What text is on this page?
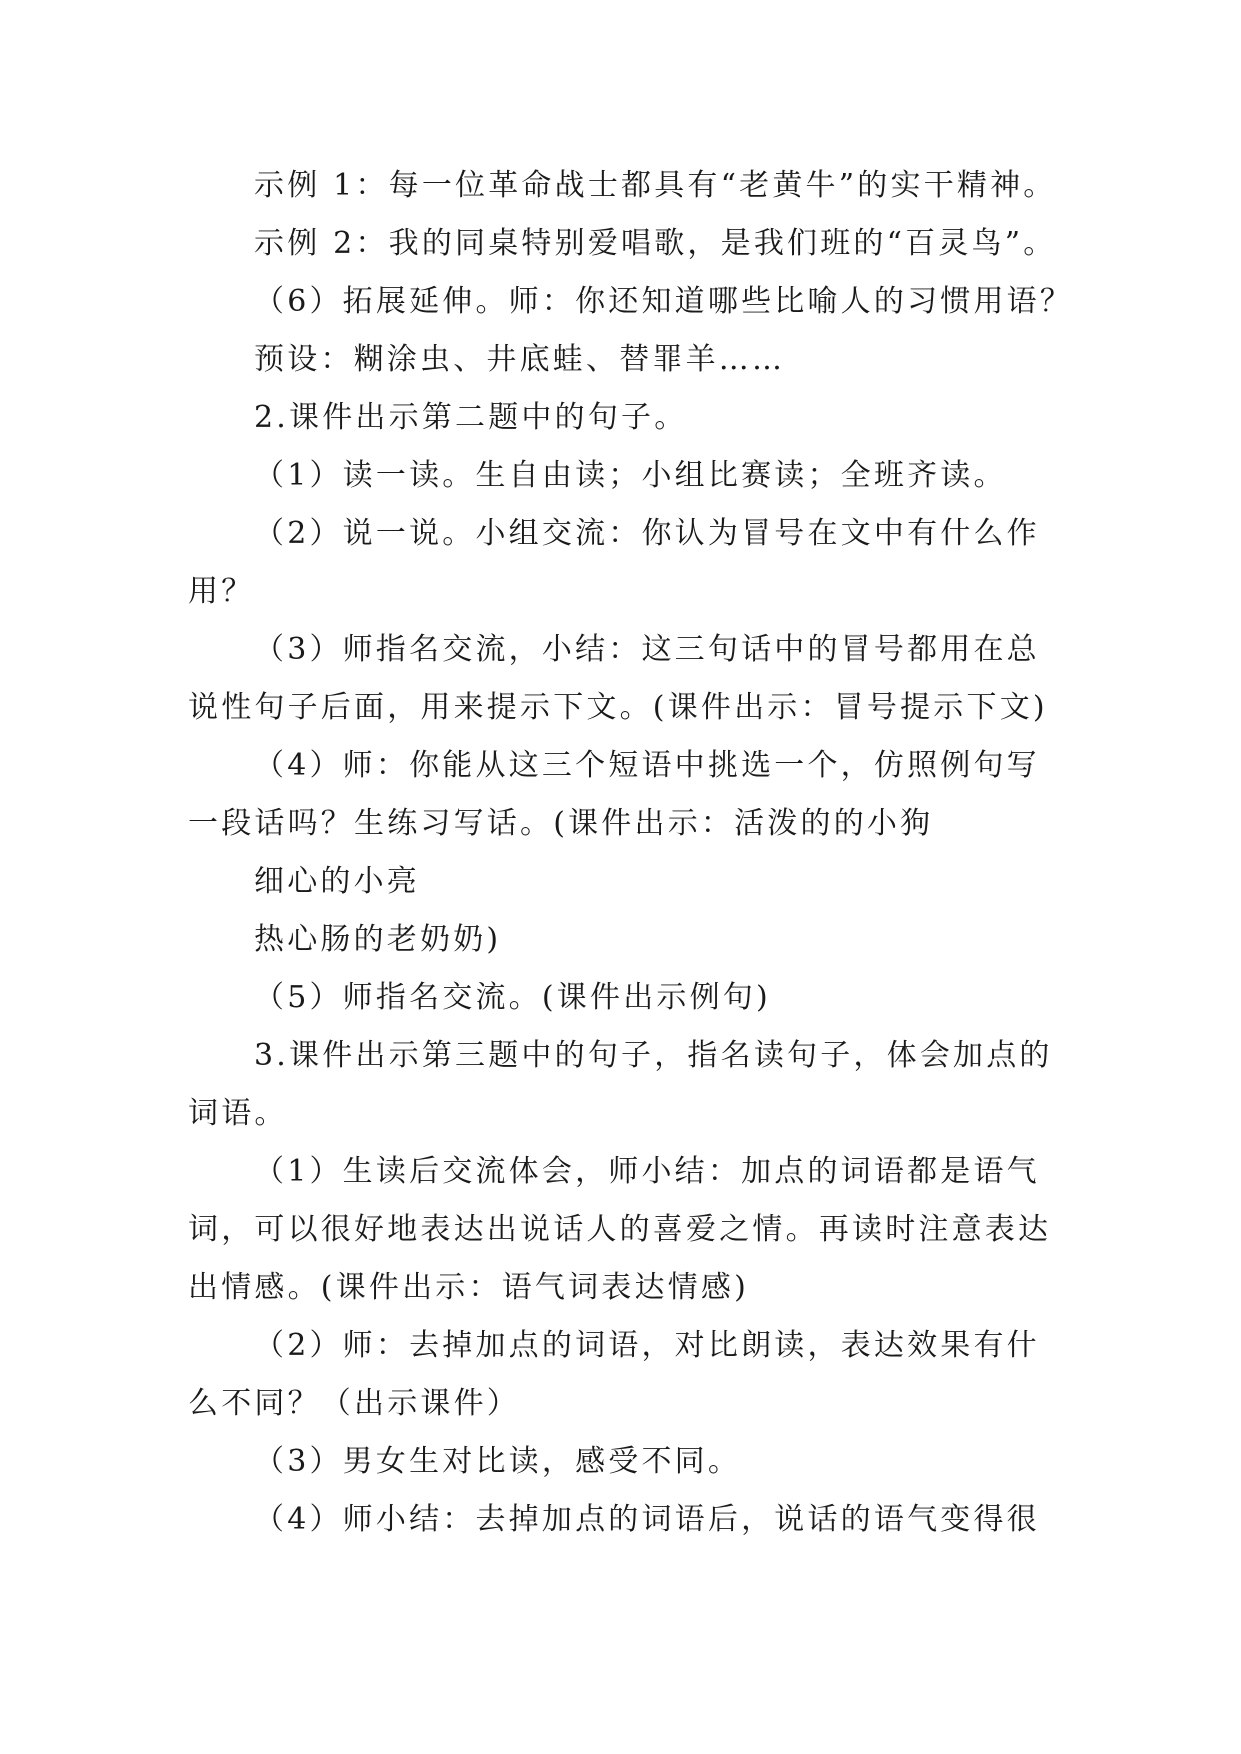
示例 1：每一位革命战士都具有“老黄牛”的实干精神。
示例 2：我的同桌特别爱唱歌，是我们班的“百灵鸟”。
（6）拓展延伸。师：你还知道哪些比喻人的习惯用语？
预设：糊涂虫、井底蛙、替罪羊……
2.课件出示第二题中的句子。
（1）读一读。生自由读；小组比赛读；全班齐读。
（2）说一说。小组交流：你认为冒号在文中有什么作
用？
（3）师指名交流，小结：这三句话中的冒号都用在总
说性句子后面，用来提示下文。(课件出示：冒号提示下文)
（4）师：你能从这三个短语中挑选一个，仿照例句写
一段话吗？生练习写话。(课件出示：活泼的的小狗
细心的小亮
热心肠的老奶奶)
（5）师指名交流。(课件出示例句)
3.课件出示第三题中的句子，指名读句子，体会加点的
词语。
（1）生读后交流体会，师小结：加点的词语都是语气
词，可以很好地表达出说话人的喜爱之情。再读时注意表达
出情感。(课件出示：语气词表达情感)
（2）师：去掉加点的词语，对比朗读，表达效果有什
么不同？（出示课件）
（3）男女生对比读，感受不同。
（4）师小结：去掉加点的词语后，说话的语气变得很
